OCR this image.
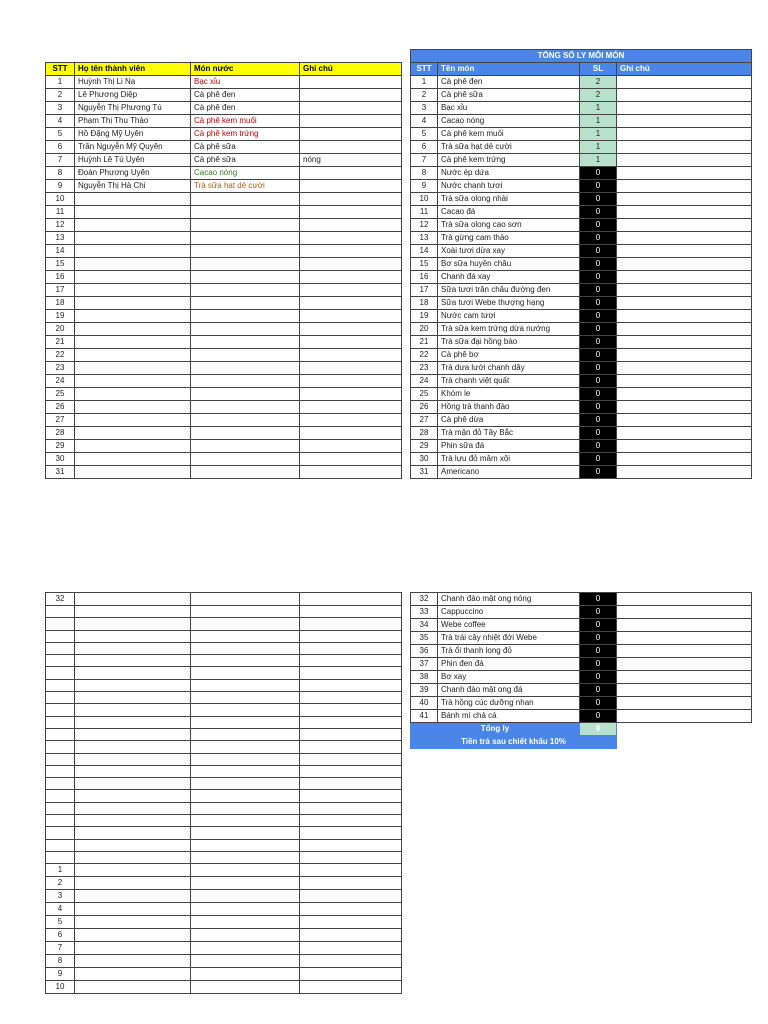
STT	Họ tên thành viên	Món nước	Ghi chú
1	Huỳnh Thị Li Na	Bạc xỉu	
2	Lê Phương Diệp	Cà phê đen	
3	Nguyễn Thị Phương Tú	Cà phê đen	
4	Phạm Thị Thu Thảo	Cà phê kem muối	
5	Hồ Đặng Mỹ Uyên	Cà phê kem trứng	
6	Trần Nguyễn Mỹ Quyên	Cà phê sữa	
7	Huỳnh Lê Tú Uyên	Cà phê sữa	nóng
8	Đoàn Phương Uyên	Cacao nóng	
9	Nguyễn Thị Hà Chi	Trà sữa hạt dẻ cười	
10			
11			
12			
13			
14			
15			
16			
17			
18			
19			
20			
21			
22			
23			
24			
25			
26			
27			
28			
29			
30			
31			
TỔNG SỐ LY MỖI MÓN			
STT	Tên món	SL	Ghi chú
1	Cà phê đen	2	
2	Cà phê sữa	2	
3	Bạc xỉu	1	
4	Cacao nóng	1	
5	Cà phê kem muối	1	
6	Trà sữa hạt dẻ cười	1	
7	Cà phê kem trứng	1	
8	Nước ép dứa	0	
9	Nước chanh tươi	0	
10	Trà sữa olong nhài	0	
11	Cacao đá	0	
12	Trà sữa olong cao sơn	0	
13	Trà gừng cam thảo	0	
14	Xoài tươi dừa xay	0	
15	Bơ sữa huyền châu	0	
16	Chanh đá xay	0	
17	Sữa tươi trân châu đường đen	0	
18	Sữa tươi Webe thượng hạng	0	
19	Nước cam tươi	0	
20	Trà sữa kem trứng dừa nướng	0	
21	Trà sữa đại hồng bào	0	
22	Cà phê bơ	0	
23	Trà dưa lưới chanh dây	0	
24	Trà chanh việt quất	0	
25	Khóm le	0	
26	Hồng trà thanh đào	0	
27	Cà phê dừa	0	
28	Trà mận đỏ Tây Bắc	0	
29	Phin sữa đá	0	
30	Trà lựu đỏ mâm xôi	0	
31	Americano	0	
32			

1			
2			
3			
4			
5			
6			
7			
8			
9			
10			
32	Chanh đào mật ong nóng	0	
33	Cappuccino	0	
34	Webe coffee	0	
35	Trà trái cây nhiệt đới Webe	0	
36	Trà ổi thanh long đỏ	0	
37	Phin đen đá	0	
38	Bơ xay	0	
39	Chanh đào mật ong đá	0	
40	Trà hồng cúc dưỡng nhan	0	
41	Bánh mì chả cá	0	
Tổng ly		9	
Tiền trả sau chiết khấu 10%			
